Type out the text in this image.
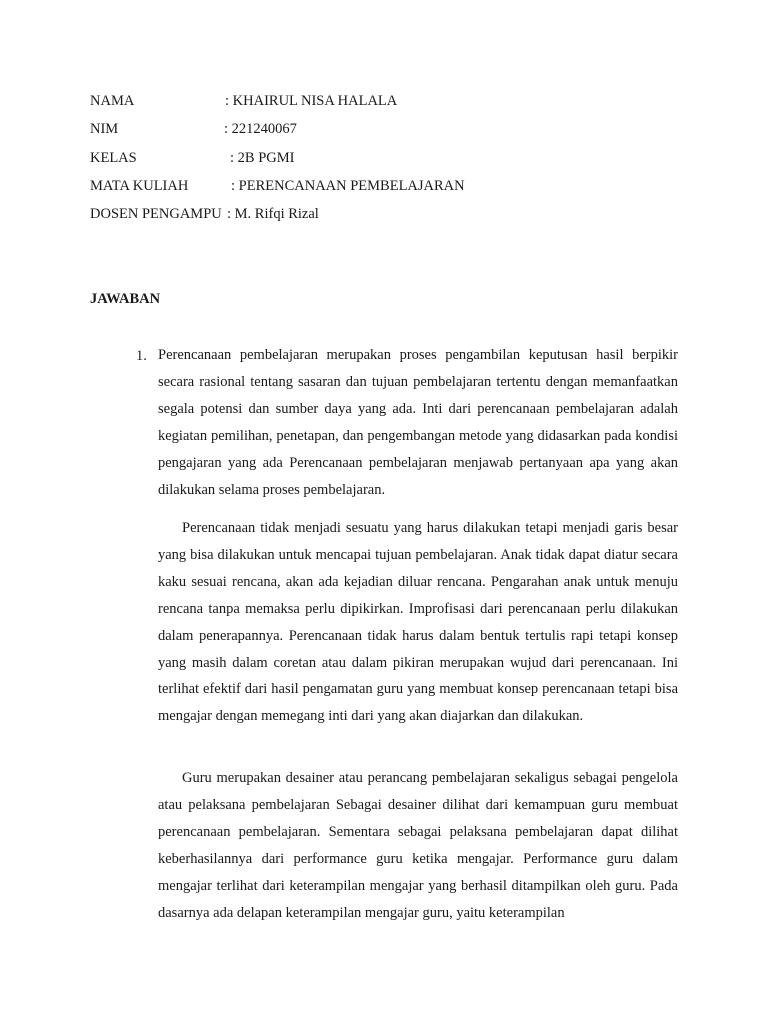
NAMA	: KHAIRUL NISA HALALA
NIM	: 221240067
KELAS	: 2B PGMI
MATA KULIAH	: PERENCANAAN PEMBELAJARAN
DOSEN PENGAMPU : M. Rifqi Rizal
JAWABAN
1. Perencanaan pembelajaran merupakan proses pengambilan keputusan hasil berpikir secara rasional tentang sasaran dan tujuan pembelajaran tertentu dengan memanfaatkan segala potensi dan sumber daya yang ada. Inti dari perencanaan pembelajaran adalah kegiatan pemilihan, penetapan, dan pengembangan metode yang didasarkan pada kondisi pengajaran yang ada Perencanaan pembelajaran menjawab pertanyaan apa yang akan dilakukan selama proses pembelajaran.

Perencanaan tidak menjadi sesuatu yang harus dilakukan tetapi menjadi garis besar yang bisa dilakukan untuk mencapai tujuan pembelajaran. Anak tidak dapat diatur secara kaku sesuai rencana, akan ada kejadian diluar rencana. Pengarahan anak untuk menuju rencana tanpa memaksa perlu dipikirkan. Improfisasi dari perencanaan perlu dilakukan dalam penerapannya. Perencanaan tidak harus dalam bentuk tertulis rapi tetapi konsep yang masih dalam coretan atau dalam pikiran merupakan wujud dari perencanaan. Ini terlihat efektif dari hasil pengamatan guru yang membuat konsep perencanaan tetapi bisa mengajar dengan memegang inti dari yang akan diajarkan dan dilakukan.

Guru merupakan desainer atau perancang pembelajaran sekaligus sebagai pengelola atau pelaksana pembelajaran Sebagai desainer dilihat dari kemampuan guru membuat perencanaan pembelajaran. Sementara sebagai pelaksana pembelajaran dapat dilihat keberhasilannya dari performance guru ketika mengajar. Performance guru dalam mengajar terlihat dari keterampilan mengajar yang berhasil ditampilkan oleh guru. Pada dasarnya ada delapan keterampilan mengajar guru, yaitu keterampilan
